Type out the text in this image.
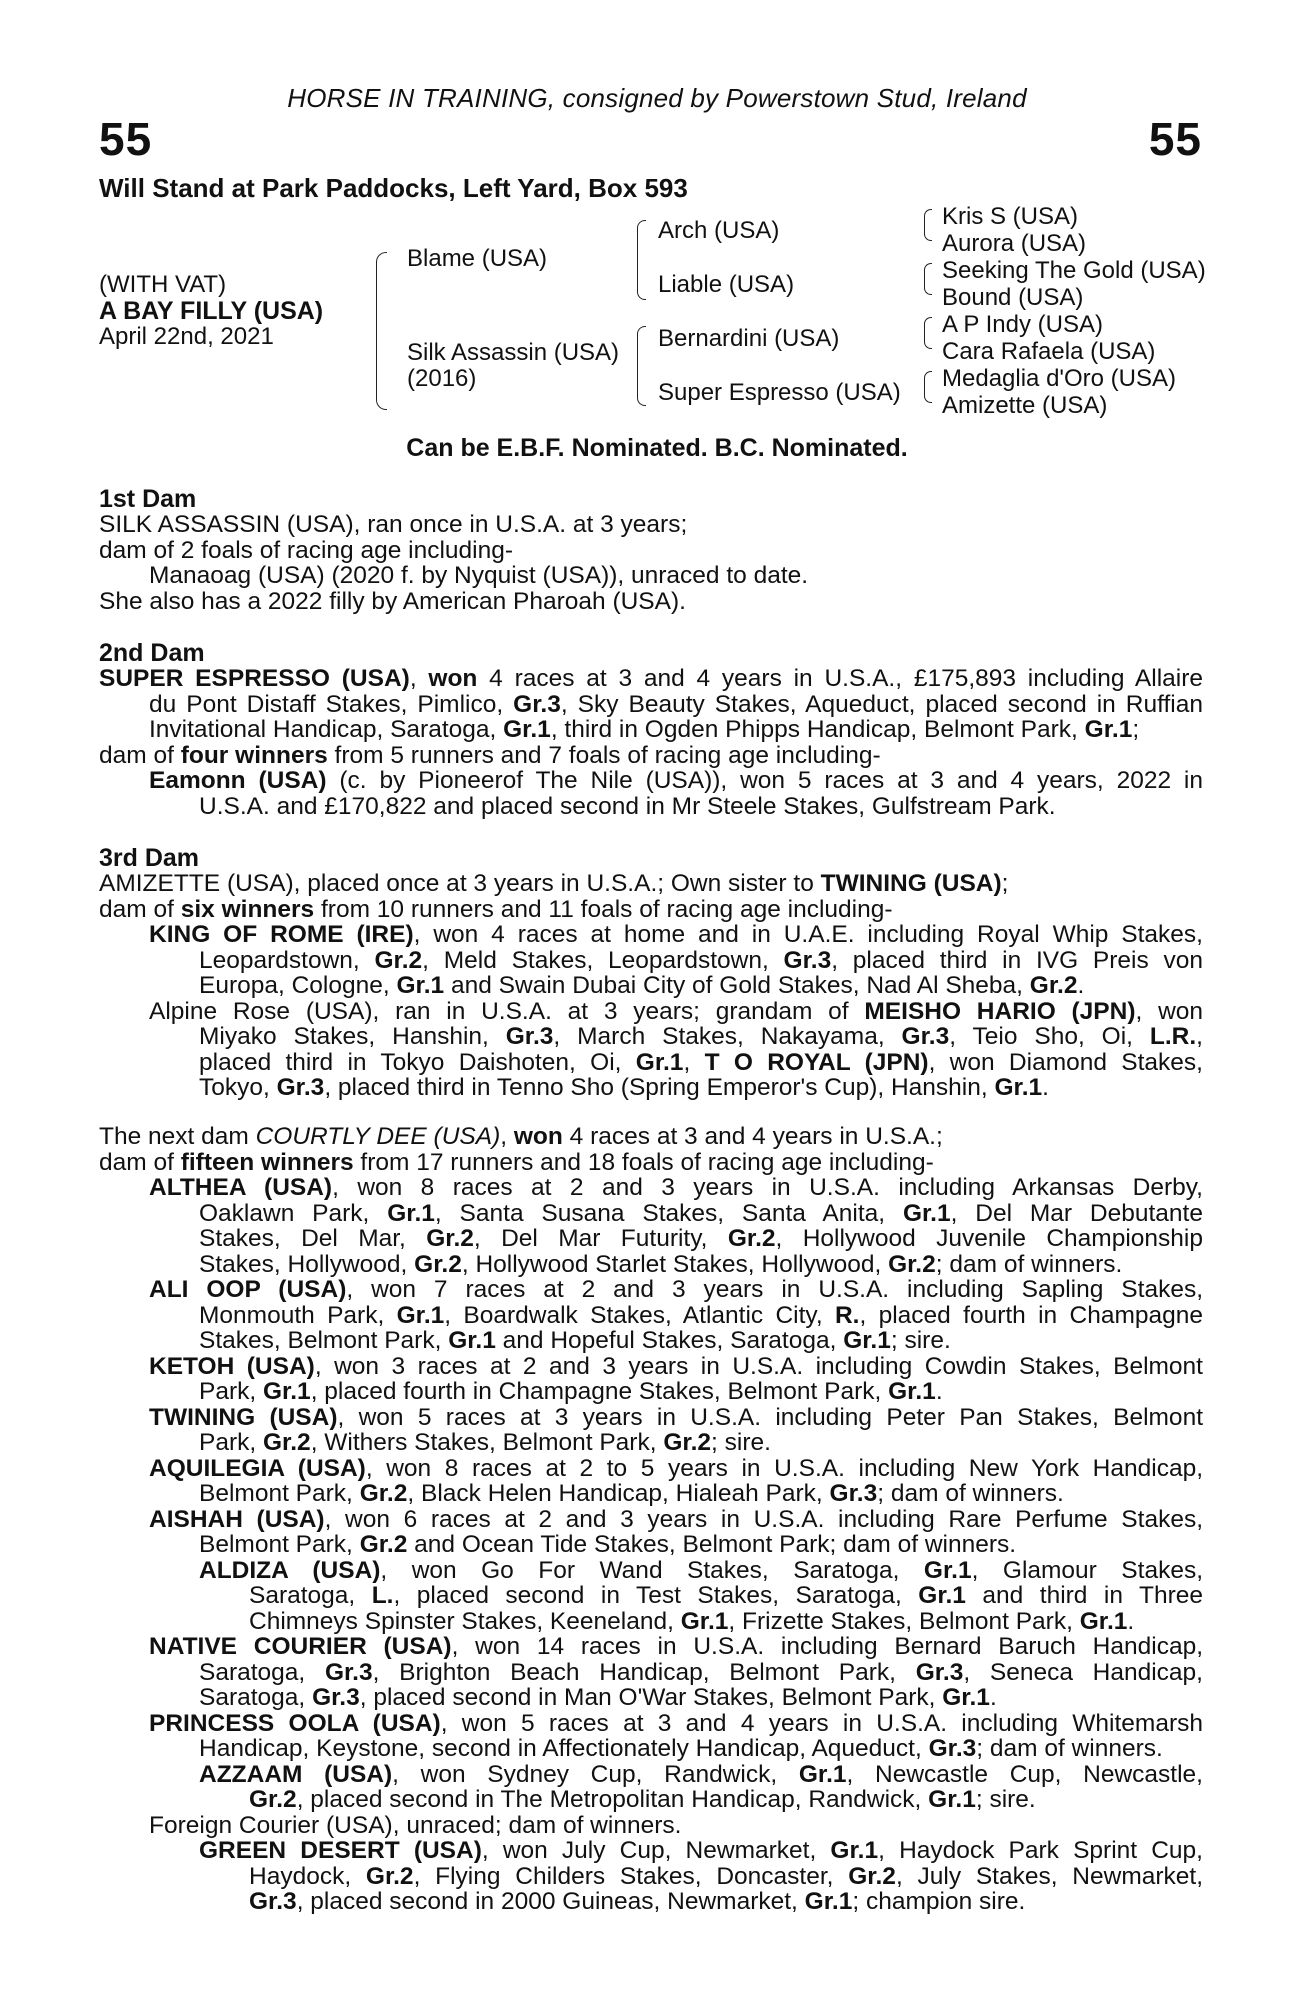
HORSE IN TRAINING, consigned by Powerstown Stud, Ireland
55	55
Will Stand at Park Paddocks, Left Yard, Box 593
(WITH VAT)
A BAY FILLY (USA)
April 22nd, 2021
Blame (USA)
Silk Assassin (USA)
(2016)
Arch (USA)
Liable (USA)
Bernardini (USA)
Super Espresso (USA)
Kris S (USA)
Aurora (USA)
Seeking The Gold (USA)
Bound (USA)
A P Indy (USA)
Cara Rafaela (USA)
Medaglia d'Oro (USA)
Amizette (USA)
Can be E.B.F. Nominated. B.C. Nominated.
1st Dam
SILK ASSASSIN (USA), ran once in U.S.A. at 3 years;
dam of 2 foals of racing age including-
Manaoag (USA) (2020 f. by Nyquist (USA)), unraced to date.
She also has a 2022 filly by American Pharoah (USA).
2nd Dam
SUPER ESPRESSO (USA), won 4 races at 3 and 4 years in U.S.A., £175,893 including Allaire
du Pont Distaff Stakes, Pimlico, Gr.3, Sky Beauty Stakes, Aqueduct, placed second in Ruffian
Invitational Handicap, Saratoga, Gr.1, third in Ogden Phipps Handicap, Belmont Park, Gr.1;
dam of four winners from 5 runners and 7 foals of racing age including-
Eamonn (USA) (c. by Pioneerof The Nile (USA)), won 5 races at 3 and 4 years, 2022 in
U.S.A. and £170,822 and placed second in Mr Steele Stakes, Gulfstream Park.
3rd Dam
AMIZETTE (USA), placed once at 3 years in U.S.A.; Own sister to TWINING (USA);
dam of six winners from 10 runners and 11 foals of racing age including-
KING OF ROME (IRE), won 4 races at home and in U.A.E. including Royal Whip Stakes,
Leopardstown, Gr.2, Meld Stakes, Leopardstown, Gr.3, placed third in IVG Preis von
Europa, Cologne, Gr.1 and Swain Dubai City of Gold Stakes, Nad Al Sheba, Gr.2.
Alpine Rose (USA), ran in U.S.A. at 3 years; grandam of MEISHO HARIO (JPN), won
Miyako Stakes, Hanshin, Gr.3, March Stakes, Nakayama, Gr.3, Teio Sho, Oi, L.R.,
placed third in Tokyo Daishoten, Oi, Gr.1, T O ROYAL (JPN), won Diamond Stakes,
Tokyo, Gr.3, placed third in Tenno Sho (Spring Emperor's Cup), Hanshin, Gr.1.
The next dam COURTLY DEE (USA), won 4 races at 3 and 4 years in U.S.A.;
dam of fifteen winners from 17 runners and 18 foals of racing age including-
ALTHEA (USA), won 8 races at 2 and 3 years in U.S.A. including Arkansas Derby,
Oaklawn Park, Gr.1, Santa Susana Stakes, Santa Anita, Gr.1, Del Mar Debutante
Stakes, Del Mar, Gr.2, Del Mar Futurity, Gr.2, Hollywood Juvenile Championship
Stakes, Hollywood, Gr.2, Hollywood Starlet Stakes, Hollywood, Gr.2; dam of winners.
ALI OOP (USA), won 7 races at 2 and 3 years in U.S.A. including Sapling Stakes,
Monmouth Park, Gr.1, Boardwalk Stakes, Atlantic City, R., placed fourth in Champagne
Stakes, Belmont Park, Gr.1 and Hopeful Stakes, Saratoga, Gr.1; sire.
KETOH (USA), won 3 races at 2 and 3 years in U.S.A. including Cowdin Stakes, Belmont
Park, Gr.1, placed fourth in Champagne Stakes, Belmont Park, Gr.1.
TWINING (USA), won 5 races at 3 years in U.S.A. including Peter Pan Stakes, Belmont
Park, Gr.2, Withers Stakes, Belmont Park, Gr.2; sire.
AQUILEGIA (USA), won 8 races at 2 to 5 years in U.S.A. including New York Handicap,
Belmont Park, Gr.2, Black Helen Handicap, Hialeah Park, Gr.3; dam of winners.
AISHAH (USA), won 6 races at 2 and 3 years in U.S.A. including Rare Perfume Stakes,
Belmont Park, Gr.2 and Ocean Tide Stakes, Belmont Park; dam of winners.
ALDIZA (USA), won Go For Wand Stakes, Saratoga, Gr.1, Glamour Stakes,
Saratoga, L., placed second in Test Stakes, Saratoga, Gr.1 and third in Three
Chimneys Spinster Stakes, Keeneland, Gr.1, Frizette Stakes, Belmont Park, Gr.1.
NATIVE COURIER (USA), won 14 races in U.S.A. including Bernard Baruch Handicap,
Saratoga, Gr.3, Brighton Beach Handicap, Belmont Park, Gr.3, Seneca Handicap,
Saratoga, Gr.3, placed second in Man O'War Stakes, Belmont Park, Gr.1.
PRINCESS OOLA (USA), won 5 races at 3 and 4 years in U.S.A. including Whitemarsh
Handicap, Keystone, second in Affectionately Handicap, Aqueduct, Gr.3; dam of winners.
AZZAAM (USA), won Sydney Cup, Randwick, Gr.1, Newcastle Cup, Newcastle,
Gr.2, placed second in The Metropolitan Handicap, Randwick, Gr.1; sire.
Foreign Courier (USA), unraced; dam of winners.
GREEN DESERT (USA), won July Cup, Newmarket, Gr.1, Haydock Park Sprint Cup,
Haydock, Gr.2, Flying Childers Stakes, Doncaster, Gr.2, July Stakes, Newmarket,
Gr.3, placed second in 2000 Guineas, Newmarket, Gr.1; champion sire.
